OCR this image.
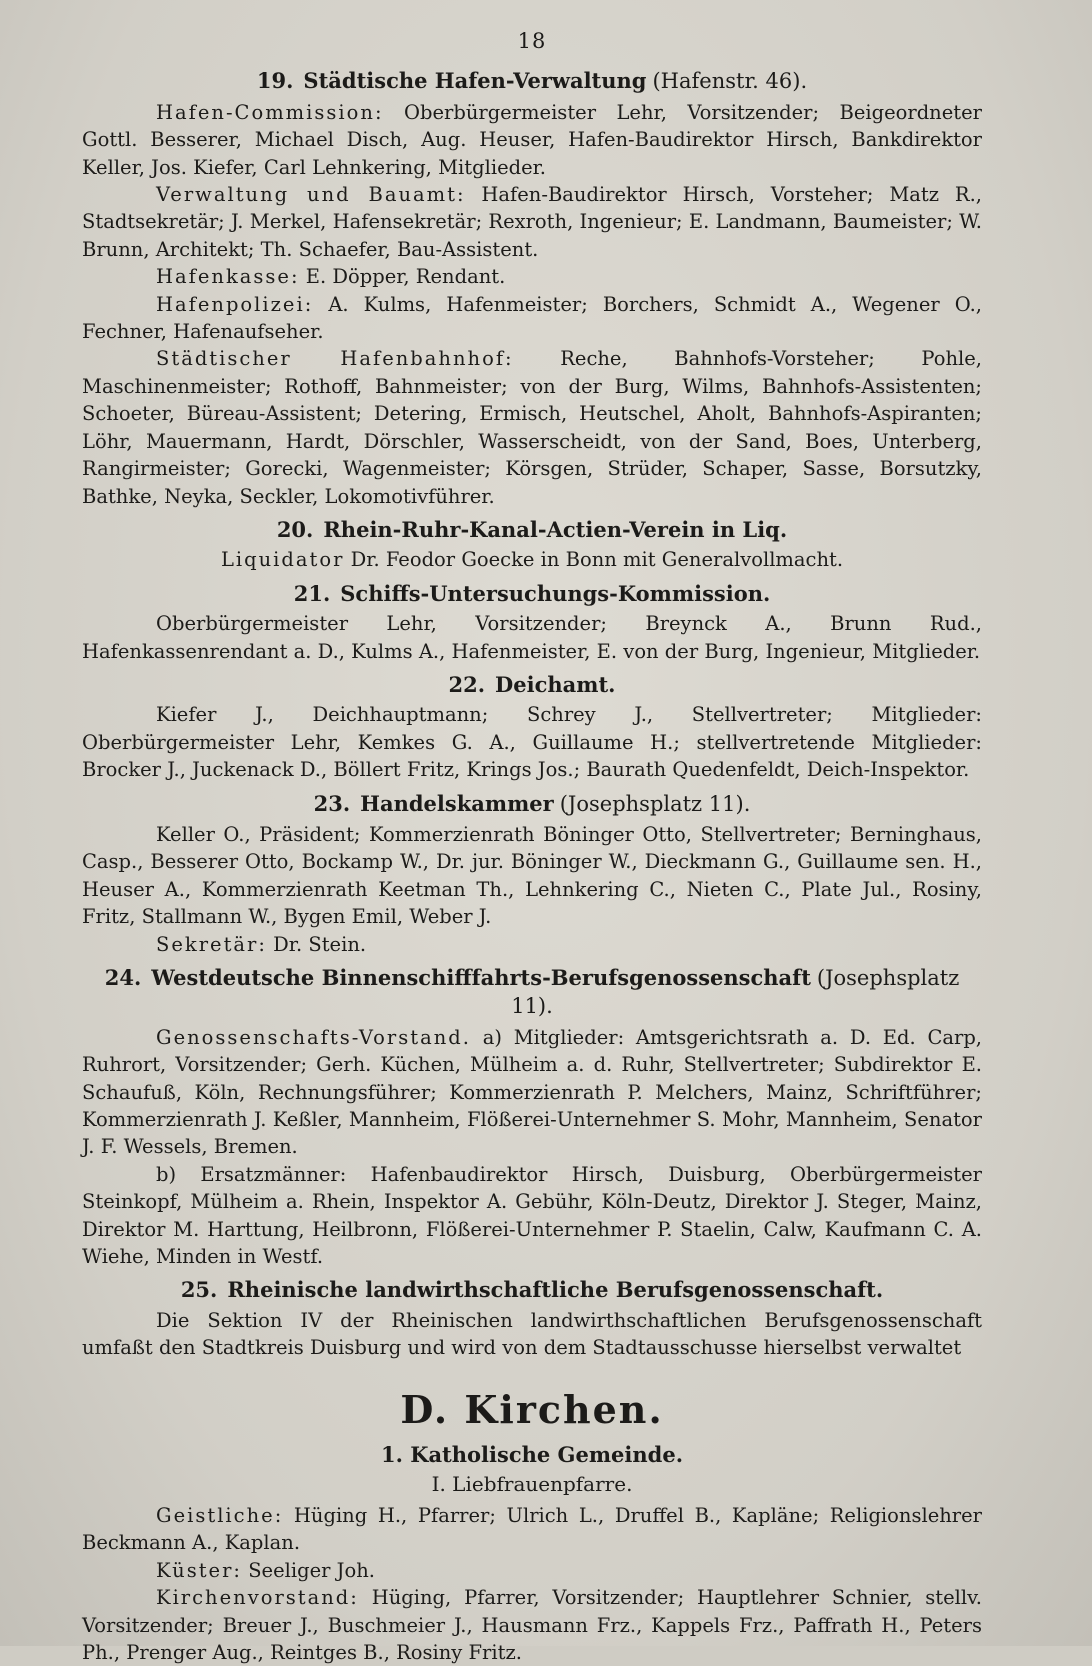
18
19. Städtische Hafen-Verwaltung (Hafenstr. 46).

Hafen-Commission: Oberbürgermeister Lehr, Vorsitzender; Beigeordneter Gottl. Besserer, Michael Disch, Aug. Heuser, Hafen-Baudirektor Hirsch, Bankdirektor Keller, Jos. Kiefer, Carl Lehnkering, Mitglieder.

Verwaltung und Bauamt: Hafen-Baudirektor Hirsch, Vorsteher; Matz R., Stadtsekretär; J. Merkel, Hafensekretär; Rexroth, Ingenieur; E. Landmann, Baumeister; W. Brunn, Architekt; Th. Schaefer, Bau-Assistent.

Hafenkasse: E. Döpper, Rendant.

Hafenpolizei: A. Kulms, Hafenmeister; Borchers, Schmidt A., Wegener O., Fechner, Hafenaufseher.

Städtischer Hafenbahnhof: Reche, Bahnhofs-Vorsteher; Pohle, Maschinenmeister; Rothoff, Bahnmeister; von der Burg, Wilms, Bahnhofs-Assistenten; Schoeter, Büreau-Assistent; Detering, Ermisch, Heutschel, Aholt, Bahnhofs-Aspiranten; Löhr, Mauermann, Hardt, Dörschler, Wasserscheidt, von der Sand, Boes, Unterberg, Rangirmeister; Gorecki, Wagenmeister; Körsgen, Strüder, Schaper, Sasse, Borsutzky, Bathke, Neyka, Seckler, Lokomotivführer.

20. Rhein-Ruhr-Kanal-Actien-Verein in Liq.

Liquidator Dr. Feodor Goecke in Bonn mit Generalvollmacht.

21. Schiffs-Untersuchungs-Kommission.

Oberbürgermeister Lehr, Vorsitzender; Breynck A., Brunn Rud., Hafenkassenrendant a. D., Kulms A., Hafenmeister, E. von der Burg, Ingenieur, Mitglieder.

22. Deichamt.

Kiefer J., Deichhauptmann; Schrey J., Stellvertreter; Mitglieder: Oberbürgermeister Lehr, Kemkes G. A., Guillaume H.; stellvertretende Mitglieder: Brocker J., Juckenack D., Böllert Fritz, Krings Jos.; Baurath Quedenfeldt, Deich-Inspektor.

23. Handelskammer (Josephsplatz 11).

Keller O., Präsident; Kommerzienrath Böninger Otto, Stellvertreter; Berninghaus, Casp., Besserer Otto, Bockamp W., Dr. jur. Böninger W., Dieckmann G., Guillaume sen. H., Heuser A., Kommerzienrath Keetman Th., Lehnkering C., Nieten C., Plate Jul., Rosiny, Fritz, Stallmann W., Bygen Emil, Weber J.

Sekretär: Dr. Stein.

24. Westdeutsche Binnenschifffahrts-Berufsgenossenschaft (Josephsplatz 11).

Genossenschafts-Vorstand. a) Mitglieder: Amtsgerichtsrath a. D. Ed. Carp, Ruhrort, Vorsitzender; Gerh. Küchen, Mülheim a. d. Ruhr, Stellvertreter; Subdirektor E. Schaufuß, Köln, Rechnungsführer; Kommerzienrath P. Melchers, Mainz, Schriftführer; Kommerzienrath J. Keßler, Mannheim, Flößerei-Unternehmer S. Mohr, Mannheim, Senator J. F. Wessels, Bremen.

b) Ersatzmänner: Hafenbaudirektor Hirsch, Duisburg, Oberbürgermeister Steinkopf, Mülheim a. Rhein, Inspektor A. Gebühr, Köln-Deutz, Direktor J. Steger, Mainz, Direktor M. Harttung, Heilbronn, Flößerei-Unternehmer P. Staelin, Calw, Kaufmann C. A. Wiehe, Minden in Westf.

25. Rheinische landwirthschaftliche Berufsgenossenschaft.

Die Sektion IV der Rheinischen landwirthschaftlichen Berufsgenossenschaft umfaßt den Stadtkreis Duisburg und wird von dem Stadtausschusse hierselbst verwaltet

D. Kirchen.
1. Katholische Gemeinde.
I. Liebfrauenpfarre.

Geistliche: Hüging H., Pfarrer; Ulrich L., Druffel B., Kapläne; Religionslehrer Beckmann A., Kaplan.

Küster: Seeliger Joh.

Kirchenvorstand: Hüging, Pfarrer, Vorsitzender; Hauptlehrer Schnier, stellv. Vorsitzender; Breuer J., Buschmeier J., Hausmann Frz., Kappels Frz., Paffrath H., Peters Ph., Prenger Aug., Reintges B., Rosiny Fritz.
